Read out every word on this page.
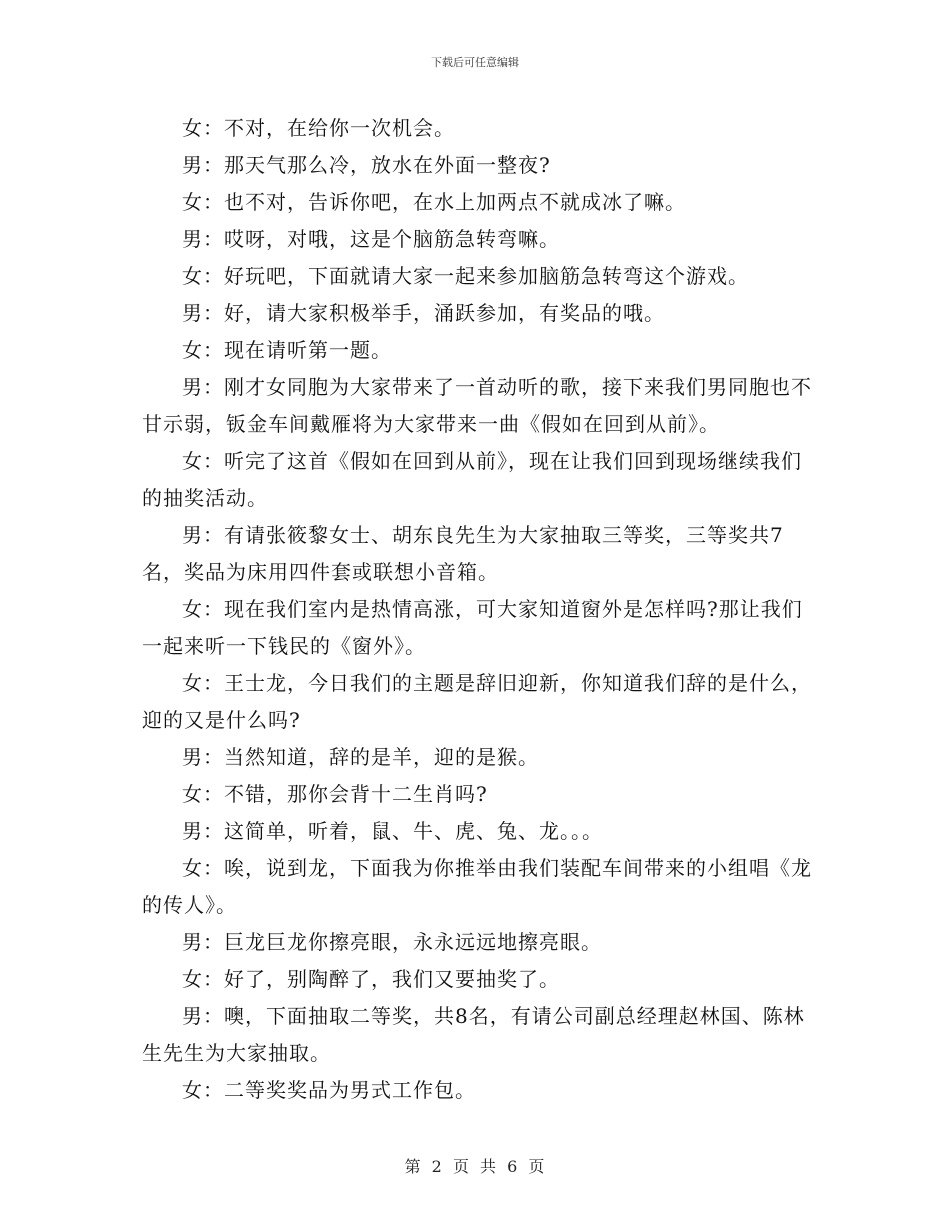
下载后可任意编辑

女：不对，在给你一次机会。

男：那天气那么冷，放水在外面一整夜?

女：也不对，告诉你吧，在水上加两点不就成冰了嘛。

男：哎呀，对哦，这是个脑筋急转弯嘛。

女：好玩吧，下面就请大家一起来参加脑筋急转弯这个游戏。

男：好，请大家积极举手，涌跃参加，有奖品的哦。

女：现在请听第一题。

男：刚才女同胞为大家带来了一首动听的歌，接下来我们男同胞也不甘示弱，钣金车间戴雁将为大家带来一曲《假如在回到从前》。

女：听完了这首《假如在回到从前》，现在让我们回到现场继续我们的抽奖活动。

男：有请张筱黎女士、胡东良先生为大家抽取三等奖，三等奖共7名，奖品为床用四件套或联想小音箱。

女：现在我们室内是热情高涨，可大家知道窗外是怎样吗?那让我们一起来听一下钱民的《窗外》。

女：王士龙，今日我们的主题是辞旧迎新，你知道我们辞的是什么，迎的又是什么吗?

男：当然知道，辞的是羊，迎的是猴。

女：不错，那你会背十二生肖吗?

男：这简单，听着，鼠、牛、虎、兔、龙。。。

女：唉，说到龙，下面我为你推举由我们装配车间带来的小组唱《龙的传人》。

男：巨龙巨龙你擦亮眼，永永远远地擦亮眼。

女：好了，别陶醉了，我们又要抽奖了。

男：噢，下面抽取二等奖，共8名，有请公司副总经理赵林国、陈林生先生为大家抽取。

女：二等奖奖品为男式工作包。

第 2 页 共 6 页
